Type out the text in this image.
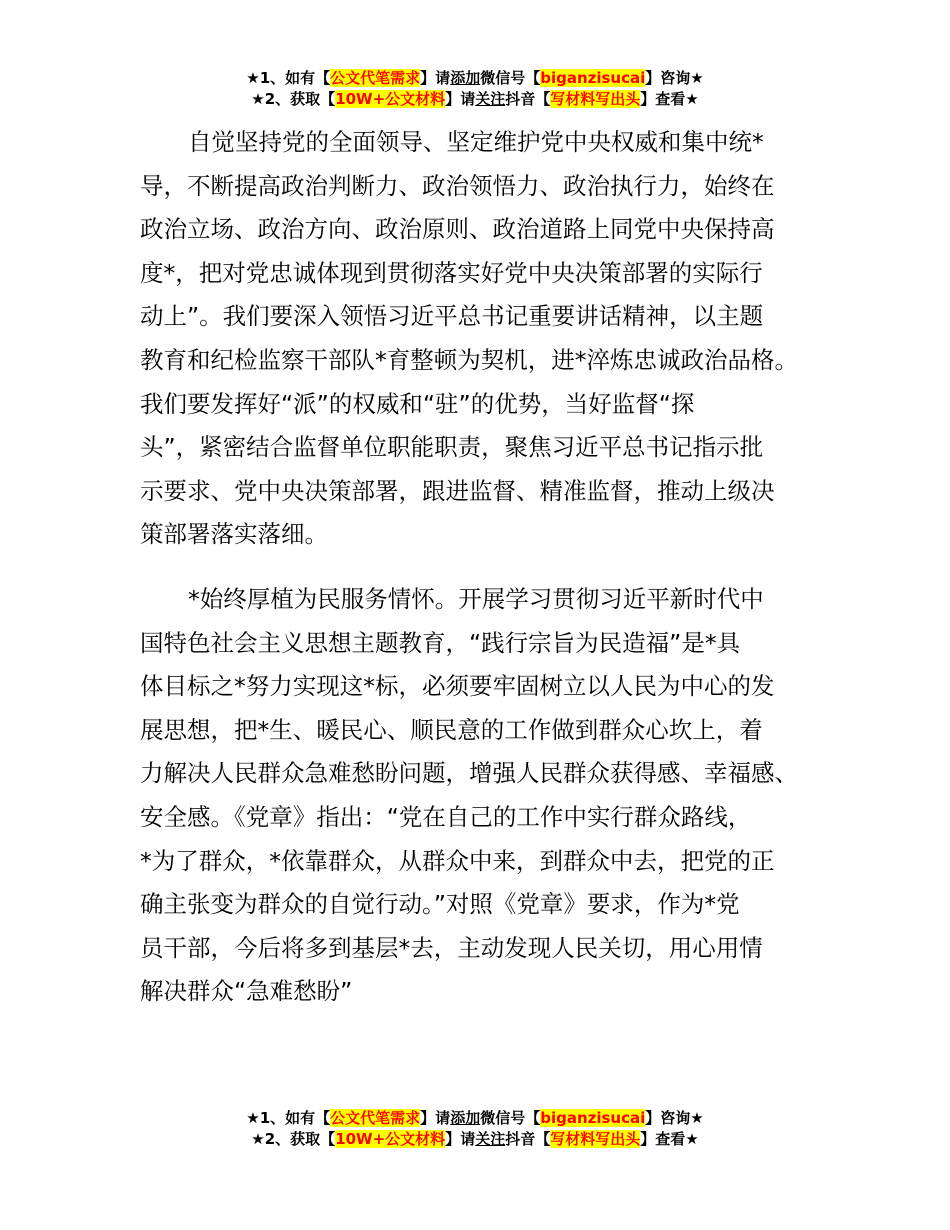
★1、如有【公文代笔需求】请添加微信号【biganzisucai】咨询★
★2、获取【10W+公文材料】请关注抖音【写材料写出头】查看★
自觉坚持党的全面领导、坚定维护党中央权威和集中统*
导，不断提高政治判断力、政治领悟力、政治执行力，始终在
政治立场、政治方向、政治原则、政治道路上同党中央保持高
度*，把对党忠诚体现到贯彻落实好党中央决策部署的实际行
动上”。我们要深入领悟习近平总书记重要讲话精神，以主题
教育和纪检监察干部队*育整顿为契机，进*淬炼忠诚政治品格。
我们要发挥好“派”的权威和“驻”的优势，当好监督“探
头”，紧密结合监督单位职能职责，聚焦习近平总书记指示批
示要求、党中央决策部署，跟进监督、精准监督，推动上级决
策部署落实落细。
*始终厚植为民服务情怀。开展学习贯彻习近平新时代中
国特色社会主义思想主题教育，“践行宗旨为民造福”是*具
体目标之*努力实现这*标，必须要牢固树立以人民为中心的发
展思想，把*生、暖民心、顺民意的工作做到群众心坎上，着
力解决人民群众急难愁盼问题，增强人民群众获得感、幸福感、
安全感。《党章》指出：“党在自己的工作中实行群众路线，
*为了群众，*依靠群众，从群众中来，到群众中去，把党的正
确主张变为群众的自觉行动。”对照《党章》要求，作为*党
员干部，今后将多到基层*去，主动发现人民关切，用心用情
解决群众“急难愁盼”
★1、如有【公文代笔需求】请添加微信号【biganzisucai】咨询★
★2、获取【10W+公文材料】请关注抖音【写材料写出头】查看★
